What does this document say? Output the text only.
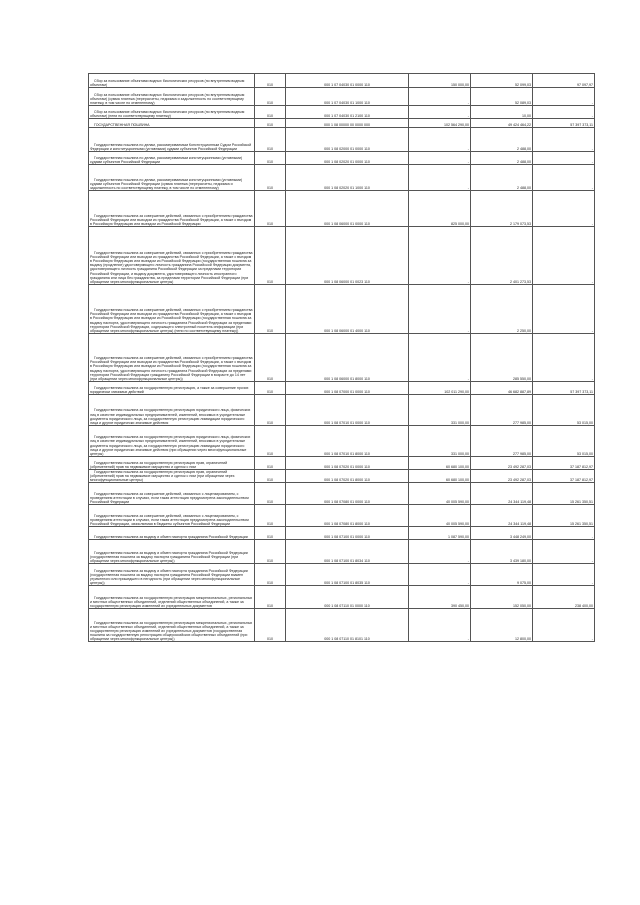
Сбор за пользование объектами водных биологических ресурсов (по внутренним водным объектам)	010	000 1 07 04030 01 0000 110	150 000,00	52 099,03	97 097,97
Сбор за пользование объектами водных биологических ресурсов (по внутренним водным объектам) (сумма платежа (перерасчеты, недоимка и задолженность по соответствующему платежу, в том числе по отмененному)	010	000 1 07 04030 01 1000 110	-	52 089,03	-
Сбор за пользование объектами водных биологических ресурсов (по внутренним водным объектам) (пени по соответствующему платежу)	010	000 1 07 04030 01 2100 110	-	10,00	-
ГОСУДАРСТВЕННАЯ ПОШЛИНА	010	000 1 08 00000 00 0000 000	102 564 290,00	49 424 464,22	57 397 373,11
Государственная пошлина по делам, рассматриваемым Конституционным Судом Российской Федерации и конституционными (уставными) судами субъектов Российской Федерации	010	000 1 08 02000 01 0000 110	-	2 488,00	-
Государственная пошлина по делам, рассматриваемым конституционными (уставными) судами субъектов Российской Федерации	010	000 1 08 02020 01 0000 110	-	2 488,00	-
Государственная пошлина по делам, рассматриваемым конституционными (уставными) судами субъектов Российской Федерации (сумма платежа (перерасчеты, недоимка и задолженность по соответствующему платежу, в том числе по отмененному)	010	000 1 08 02020 01 1000 110	-	2 488,00	-
Государственная пошлина за совершение действий, связанных с приобретением гражданства Российской Федерации или выходом из гражданства Российской Федерации, а также с въездом в Российскую Федерацию или выездом из Российской Федерации	010	000 1 08 06000 01 0000 110	825 000,00	2 179 073,53	-
Государственная пошлина за совершение действий, связанных с приобретением гражданства Российской Федерации или выходом из гражданства Российской Федерации, а также с въездом в Российскую Федерацию или выездом из Российской Федерации (государственная пошлина за выдачу (продление) удостоверяющего личность гражданина Российской Федерации документа, удостоверяющего личность гражданина Российской Федерации за пределами территории Российской Федерации, и выдачу документа, удостоверяющего личность иностранного гражданина или лица без гражданства, за пределами территории Российской Федерации (при обращении через многофункциональные центры)	010	000 1 08 06000 01 0023 110	-	2 401 273,53	-
Государственная пошлина за совершение действий, связанных с приобретением гражданства Российской Федерации или выходом из гражданства Российской Федерации, а также с въездом в Российскую Федерацию или выездом из Российской Федерации (государственная пошлина за выдачу паспорта, удостоверяющего личность гражданина Российской Федерации за пределами территории Российской Федерации, содержащего электронный носитель информации (при обращении через многофункциональные центры) (пени по соответствующему платежу))	010	000 1 08 06000 01 4000 110	-	2 250,00	-
Государственная пошлина за совершение действий, связанных с приобретением гражданства Российской Федерации или выходом из гражданства Российской Федерации, а также с въездом в Российскую Федерацию или выездом из Российской Федерации (государственная пошлина за выдачу паспорта, удостоверяющего личность гражданина Российской Федерации за пределами территории Российской Федерации гражданину Российской Федерации в возрасте до 14 лет (при обращении через многофункциональные центры))	010	000 1 08 06000 01 8000 110	-	285 550,00	-
Государственная пошлина за государственную регистрацию, а также за совершение прочих юридически значимых действий	010	000 1 08 07000 01 0000 110	102 011 290,00	46 682 887,89	57 397 373,11
Государственная пошлина за государственную регистрацию юридического лица, физических лиц в качестве индивидуальных предпринимателей, изменений, вносимых в учредительные документы юридического лица, за государственную регистрацию ликвидации юридического лица и другие юридически значимые действия	010	000 1 08 07010 01 0000 110	331 000,00	277 985,00	53 015,00
Государственная пошлина за государственную регистрацию юридического лица, физических лиц в качестве индивидуальных предпринимателей, изменений, вносимых в учредительные документы юридического лица, за государственную регистрацию ликвидации юридического лица и другие юридически значимые действия (при обращении через многофункциональные центры)	010	000 1 08 07010 01 8000 110	331 000,00	277 985,00	53 015,00
Государственная пошлина за государственную регистрацию прав, ограничений (обременений) прав на недвижимое имущество и сделок с ним	010	000 1 08 07020 01 0000 110	60 680 100,00	23 492 287,03	37 187 812,97
Государственная пошлина за государственную регистрацию прав, ограничений (обременений) прав на недвижимое имущество и сделок с ним (при обращении через многофункциональные центры)	010	000 1 08 07020 01 8000 110	60 680 100,00	23 492 287,03	37 187 812,97
Государственная пошлина за совершение действий, связанных с лицензированием, с проведением аттестации в случаях, если такая аттестация предусмотрена законодательством Российской Федерации	010	000 1 08 07080 01 0000 110	40 005 590,00	24 344 119,48	15 261 350,51
Государственная пошлина за совершение действий, связанных с лицензированием, с проведением аттестации в случаях, если такая аттестация предусмотрена законодательством Российской Федерации, зачисляемая в бюджеты субъектов Российской Федерации	010	000 1 08 07080 01 8000 110	40 005 590,00	24 344 119,48	15 261 350,51
Государственная пошлина за выдачу и обмен паспорта гражданина Российской Федерации	010	000 1 08 07100 01 0000 110	1 087 590,00	3 448 249,00	-
Государственная пошлина за выдачу и обмен паспорта гражданина Российской Федерации (государственная пошлина за выдачу паспорта гражданина Российской Федерации (при обращении через многофункциональные центры))	010	000 1 08 07100 01 8034 110	-	3 439 180,00	-
Государственная пошлина за выдачу и обмен паспорта гражданина Российской Федерации (государственная пошлина за выдачу паспорта гражданина Российской Федерации взамен утраченного или пришедшего в негодность (при обращении через многофункциональные центры))	010	000 1 08 07100 01 8035 110	-	9 075,00	-
Государственная пошлина за государственную регистрацию межрегиональных, региональных и местных общественных объединений, отделений общественных объединений, а также за государственную регистрацию изменений их учредительных документов	010	000 1 08 07110 01 0000 110	390 450,00	152 050,00	238 400,00
Государственная пошлина за государственную регистрацию межрегиональных, региональных и местных общественных объединений, отделений общественных объединений, а также за государственную регистрацию изменений их учредительных документов (государственная пошлина за государственную регистрацию общероссийских общественных объединений (при обращении через многофункциональные центры))	010	000 1 08 07110 01 8101 110	-	12 800,00	-
